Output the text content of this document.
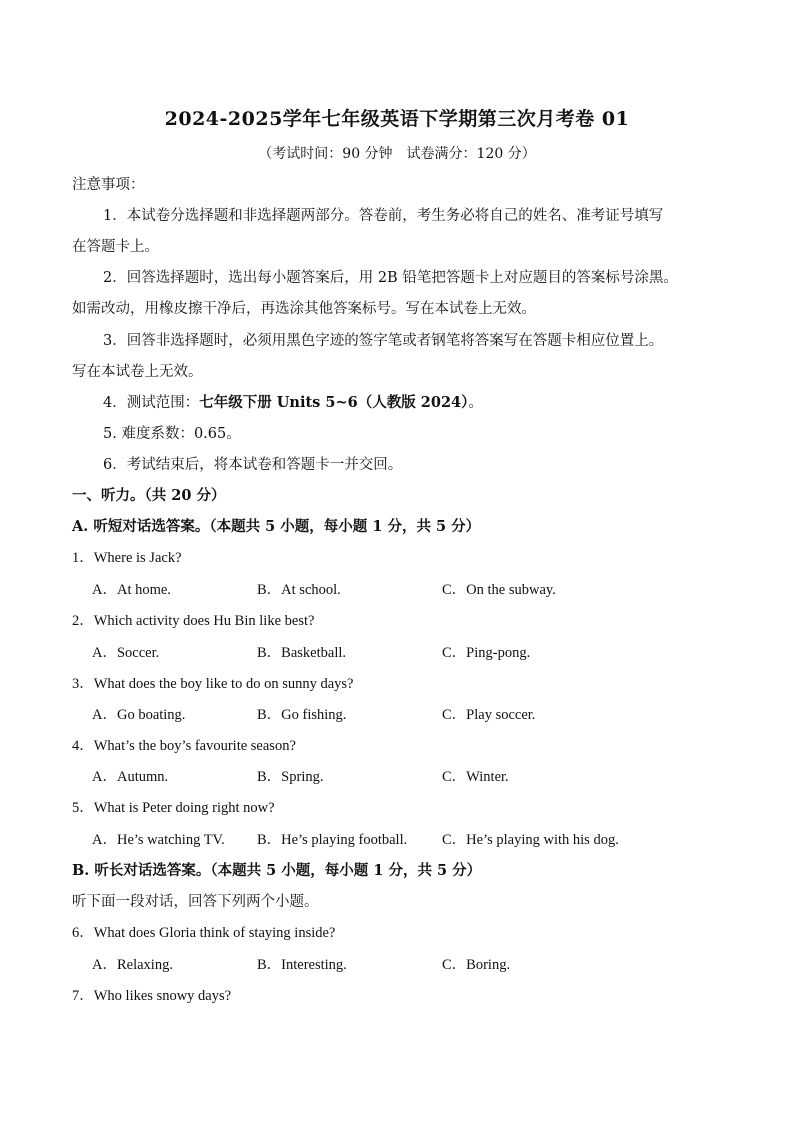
2024-2025学年七年级英语下学期第三次月考卷 01
（考试时间：90 分钟　试卷满分：120 分）
注意事项：
1．本试卷分选择题和非选择题两部分。答卷前，考生务必将自己的姓名、准考证号填写
在答题卡上。
2．回答选择题时，选出每小题答案后，用 2B 铅笔把答题卡上对应题目的答案标号涂黑。
如需改动，用橡皮擦干净后，再选涂其他答案标号。写在本试卷上无效。
3．回答非选择题时，必须用黑色字迹的签字笔或者钢笔将答案写在答题卡相应位置上。
写在本试卷上无效。
4．测试范围：七年级下册 Units 5~6（人教版 2024）。
5. 难度系数：0.65。
6．考试结束后，将本试卷和答题卡一并交回。
一、听力。（共 20 分）
A. 听短对话选答案。（本题共 5 小题，每小题 1 分，共 5 分）
1．Where is Jack?
A．At home.	B．At school.	C．On the subway.
2．Which activity does Hu Bin like best?
A．Soccer.	B．Basketball.	C．Ping-pong.
3．What does the boy like to do on sunny days?
A．Go boating.	B．Go fishing.	C．Play soccer.
4．What’s the boy’s favourite season?
A．Autumn.	B．Spring.	C．Winter.
5．What is Peter doing right now?
A．He’s watching TV. B．He’s playing football. C．He’s playing with his dog.
B. 听长对话选答案。（本题共 5 小题，每小题 1 分，共 5 分）
听下面一段对话，回答下列两个小题。
6．What does Gloria think of staying inside?
A．Relaxing.	B．Interesting.	C．Boring.
7．Who likes snowy days?
